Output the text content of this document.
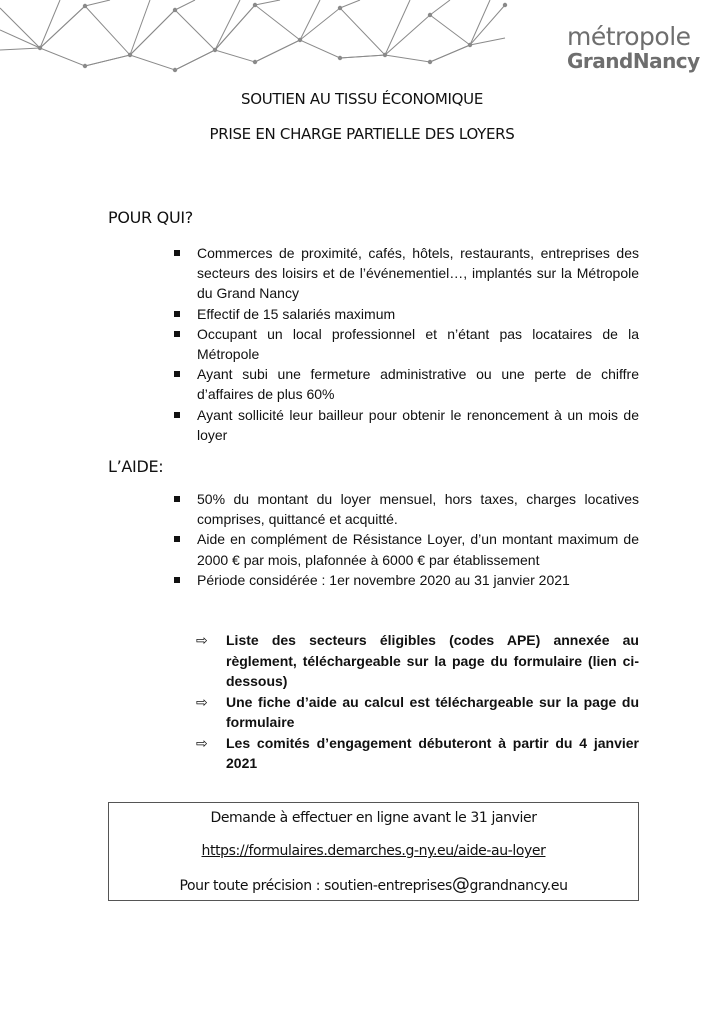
métropole
GrandNancy
SOUTIEN AU TISSU ÉCONOMIQUE
PRISE EN CHARGE PARTIELLE DES LOYERS
POUR QUI?
Commerces de proximité, cafés, hôtels, restaurants, entreprises des secteurs des loisirs et de l’événementiel…, implantés sur la Métropole du Grand Nancy
Effectif de 15 salariés maximum
Occupant un local professionnel et n’étant pas locataires de la Métropole
Ayant subi une fermeture administrative ou une perte de chiffre d’affaires de plus 60%
Ayant sollicité leur bailleur pour obtenir le renoncement à un mois de loyer
L’AIDE:
50% du montant du loyer mensuel, hors taxes, charges locatives comprises, quittancé et acquitté.
Aide en complément de Résistance Loyer, d’un montant maximum de 2000 € par mois, plafonnée à 6000 € par établissement
Période considérée : 1er novembre 2020 au 31 janvier 2021
⇨ Liste des secteurs éligibles (codes APE) annexée au règlement, téléchargeable sur la page du formulaire (lien ci-dessous)
⇨ Une fiche d’aide au calcul est téléchargeable sur la page du formulaire
⇨ Les comités d’engagement débuteront à partir du 4 janvier 2021
Demande à effectuer en ligne avant le 31 janvier
https://formulaires.demarches.g-ny.eu/aide-au-loyer
Pour toute précision : soutien-entreprises@grandnancy.eu
